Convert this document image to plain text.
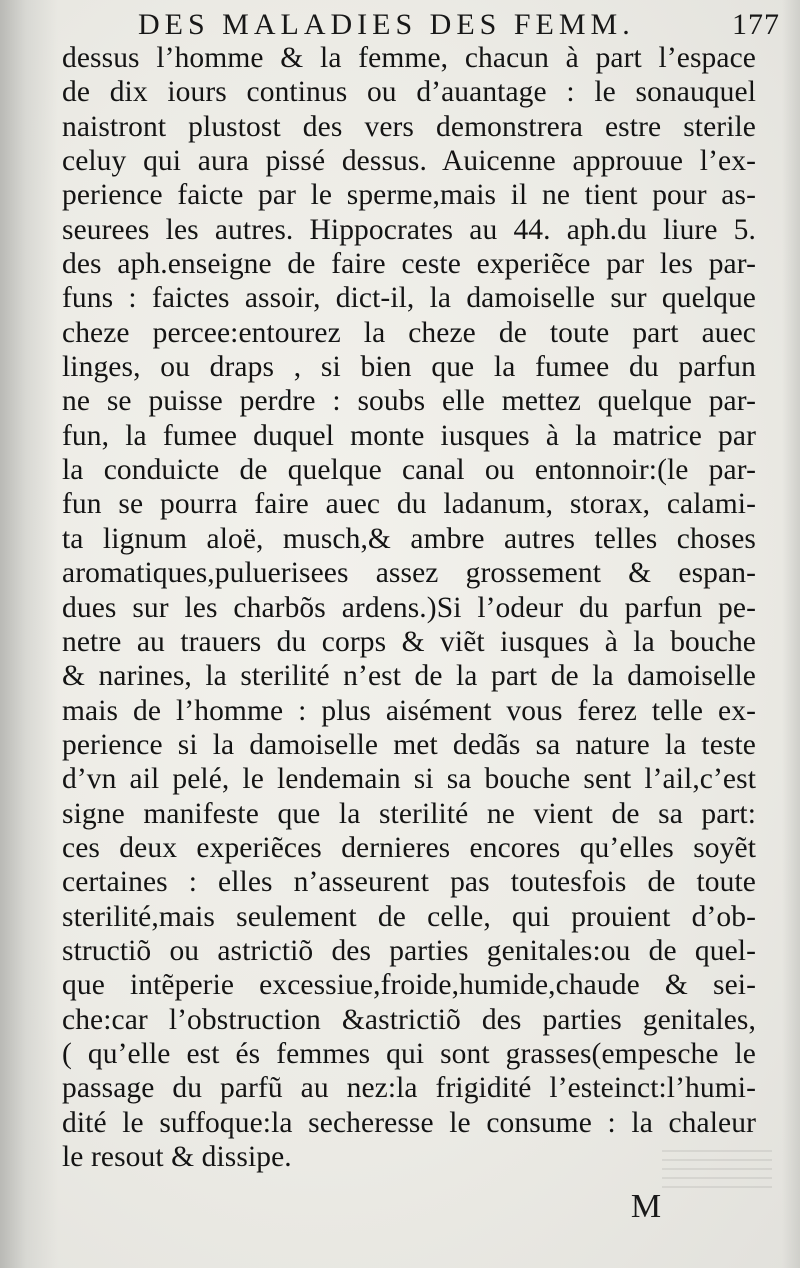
DES MALADIES DES FEMM.	177
dessus l’homme & la femme, chacun à part l’espace
de dix iours continus ou d’auantage : le sonauquel
naistront plustost des vers demonstrera estre sterile
celuy qui aura pissé dessus. Auicenne approuue l’ex-
perience faicte par le sperme,mais il ne tient pour as-
seurees les autres. Hippocrates au 44. aph.du liure 5.
des aph.enseigne de faire ceste experiẽce par les par-
funs : faictes assoir, dict-il, la damoiselle sur quelque
cheze percee:entourez la cheze de toute part auec
linges, ou draps , si bien que la fumee du parfun
ne se puisse perdre : soubs elle mettez quelque par-
fun, la fumee duquel monte iusques à la matrice par
la conduicte de quelque canal ou entonnoir:(le par-
fun se pourra faire auec du ladanum, storax, calami-
ta lignum aloë, musch,& ambre autres telles choses
aromatiques,puluerisees assez grossement & espan-
dues sur les charbõs ardens.)Si l’odeur du parfun pe-
netre au trauers du corps & viẽt iusques à la bouche
& narines, la sterilité n’est de la part de la damoiselle
mais de l’homme : plus aisément vous ferez telle ex-
perience si la damoiselle met dedãs sa nature la teste
d’vn ail pelé, le lendemain si sa bouche sent l’ail,c’est
signe manifeste que la sterilité ne vient de sa part:
ces deux experiẽces dernieres encores qu’elles soyẽt
certaines : elles n’asseurent pas toutesfois de toute
sterilité,mais seulement de celle, qui prouient d’ob-
structiõ ou astrictiõ des parties genitales:ou de quel-
que intẽperie excessiue,froide,humide,chaude & sei-
che:car l’obstruction &astrictiõ des parties genitales,
( qu’elle est és femmes qui sont grasses(empesche le
passage du parfũ au nez:la frigidité l’esteinct:l’humi-
dité le suffoque:la secheresse le consume : la chaleur
le resout & dissipe.
M
